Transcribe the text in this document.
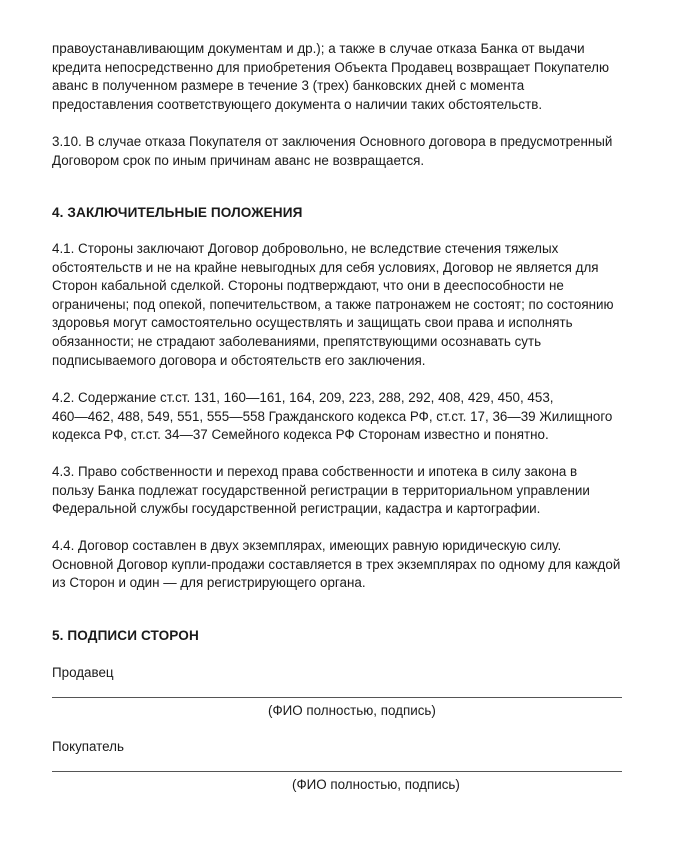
правоустанавливающим документам и др.); а также в случае отказа Банка от выдачи
кредита непосредственно для приобретения Объекта Продавец возвращает Покупателю
аванс в полученном размере в течение 3 (трех) банковских дней с момента
предоставления соответствующего документа о наличии таких обстоятельств.

3.10. В случае отказа Покупателя от заключения Основного договора в предусмотренный
Договором срок по иным причинам аванс не возвращается.

4. ЗАКЛЮЧИТЕЛЬНЫЕ ПОЛОЖЕНИЯ

4.1. Стороны заключают Договор добровольно, не вследствие стечения тяжелых
обстоятельств и не на крайне невыгодных для себя условиях, Договор не является для
Сторон кабальной сделкой. Стороны подтверждают, что они в дееспособности не
ограничены; под опекой, попечительством, а также патронажем не состоят; по состоянию
здоровья могут самостоятельно осуществлять и защищать свои права и исполнять
обязанности; не страдают заболеваниями, препятствующими осознавать суть
подписываемого договора и обстоятельств его заключения.

4.2. Содержание ст.ст. 131, 160—161, 164, 209, 223, 288, 292, 408, 429, 450, 453,
460—462, 488, 549, 551, 555—558 Гражданского кодекса РФ, ст.ст. 17, 36—39 Жилищного
кодекса РФ, ст.ст. 34—37 Семейного кодекса РФ Сторонам известно и понятно.

4.3. Право собственности и переход права собственности и ипотека в силу закона в
пользу Банка подлежат государственной регистрации в территориальном управлении
Федеральной службы государственной регистрации, кадастра и картографии.

4.4. Договор составлен в двух экземплярах, имеющих равную юридическую силу.
Основной Договор купли-продажи составляется в трех экземплярах по одному для каждой
из Сторон и один — для регистрирующего органа.

5. ПОДПИСИ СТОРОН

Продавец

(ФИО полностью, подпись)

Покупатель

(ФИО полностью, подпись)
